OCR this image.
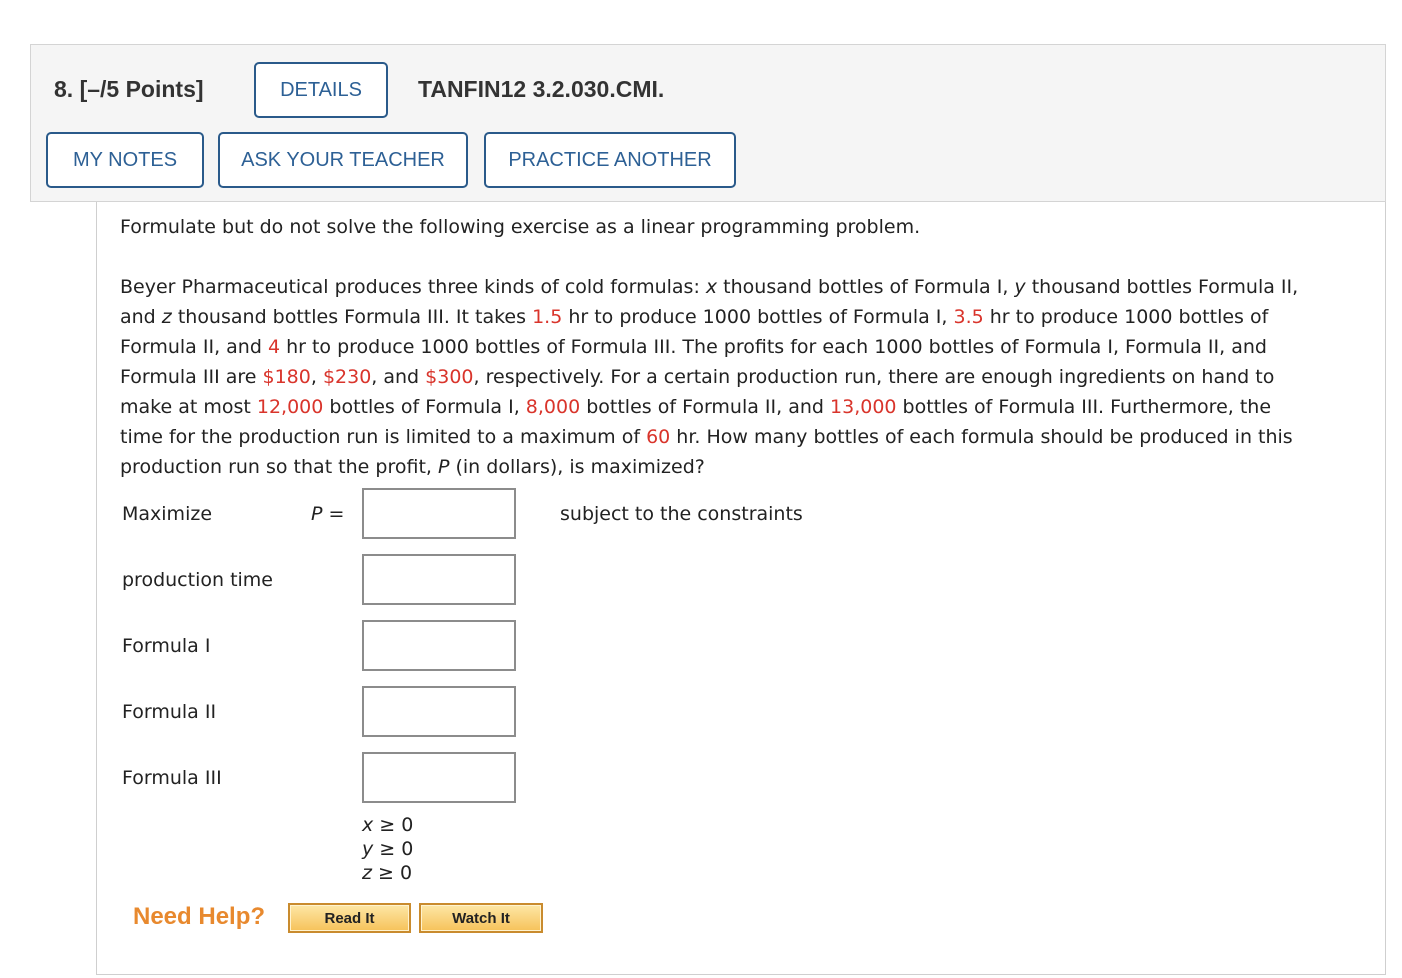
8. [–/5 Points]	DETAILS	TANFIN12 3.2.030.CMI.
MY NOTES	ASK YOUR TEACHER	PRACTICE ANOTHER

Formulate but do not solve the following exercise as a linear programming problem.

Beyer Pharmaceutical produces three kinds of cold formulas: x thousand bottles of Formula I, y thousand bottles Formula II,
and z thousand bottles Formula III. It takes 1.5 hr to produce 1000 bottles of Formula I, 3.5 hr to produce 1000 bottles of
Formula II, and 4 hr to produce 1000 bottles of Formula III. The profits for each 1000 bottles of Formula I, Formula II, and
Formula III are $180, $230, and $300, respectively. For a certain production run, there are enough ingredients on hand to
make at most 12,000 bottles of Formula I, 8,000 bottles of Formula II, and 13,000 bottles of Formula III. Furthermore, the
time for the production run is limited to a maximum of 60 hr. How many bottles of each formula should be produced in this
production run so that the profit, P (in dollars), is maximized?

Maximize	P =	subject to the constraints
production time
Formula I
Formula II
Formula III
x ≥ 0
y ≥ 0
z ≥ 0
Need Help?	Read It	Watch It
